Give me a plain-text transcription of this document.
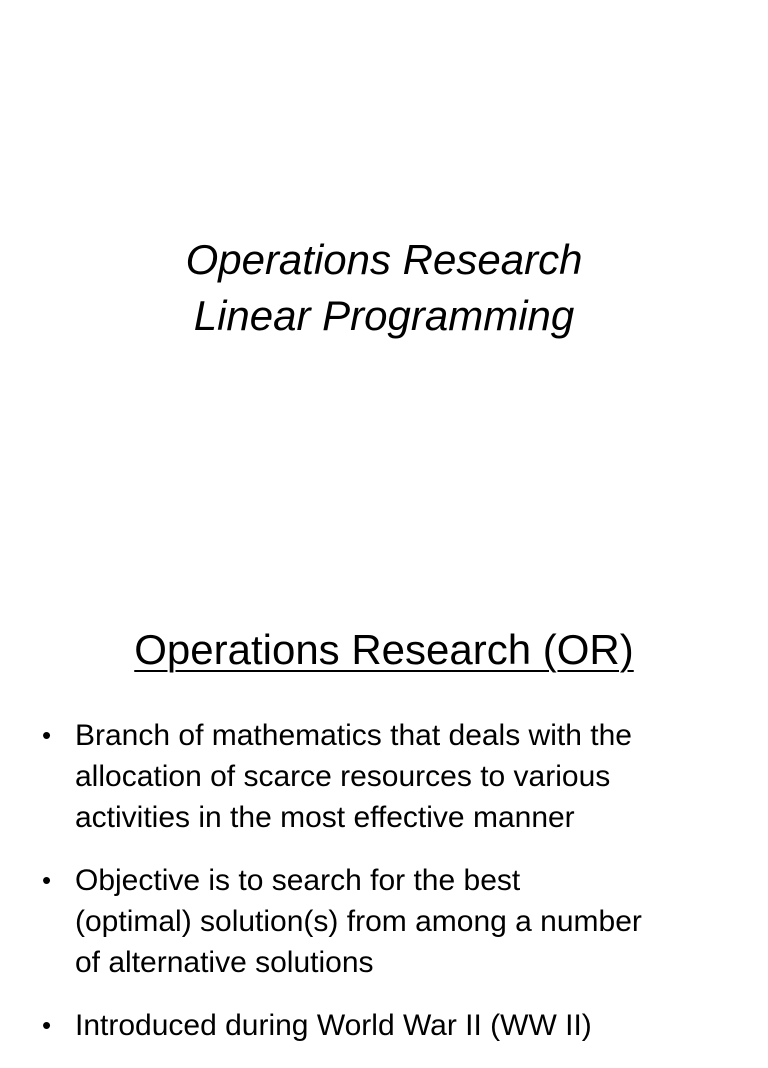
Operations Research
Linear Programming
Operations Research (OR)
• Branch of mathematics that deals with the
allocation of scarce resources to various
activities in the most effective manner
• Objective is to search for the best
(optimal) solution(s) from among a number
of alternative solutions
• Introduced during World War II (WW II)
